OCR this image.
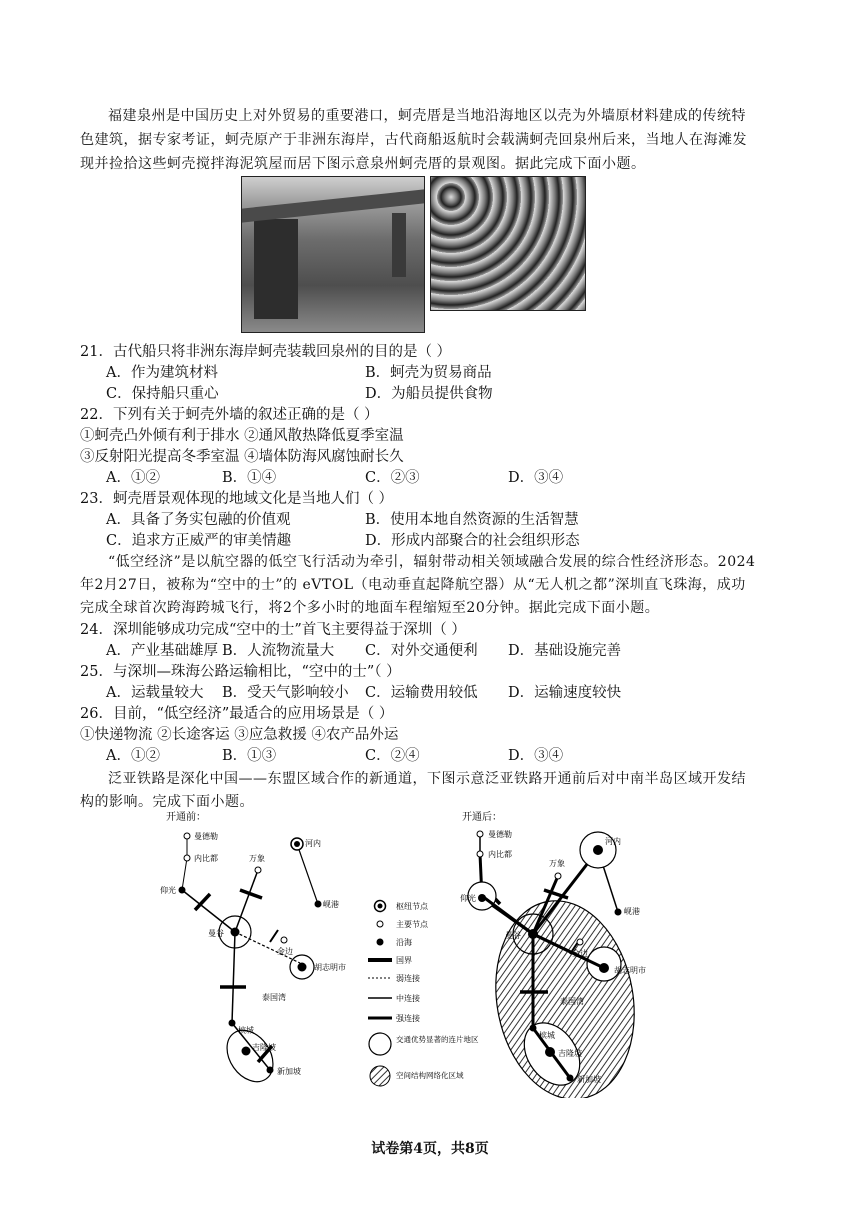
福建泉州是中国历史上对外贸易的重要港口，蚵壳厝是当地沿海地区以壳为外墙原材料建成的传统特色建筑，据专家考证，蚵壳原产于非洲东海岸，古代商船返航时会载满蚵壳回泉州后来，当地人在海滩发现并捡拾这些蚵壳搅拌海泥筑屋而居下图示意泉州蚵壳厝的景观图。据此完成下面小题。
21．古代船只将非洲东海岸蚵壳装载回泉州的目的是（ ）
A．作为建筑材料	B．蚵壳为贸易商品
C．保持船只重心	D．为船员提供食物
22．下列有关于蚵壳外墙的叙述正确的是（ ）
①蚵壳凸外倾有利于排水 ②通风散热降低夏季室温
③反射阳光提高冬季室温 ④墙体防海风腐蚀耐长久
A．①②	B．①④	C．②③	D．③④
23．蚵壳厝景观体现的地域文化是当地人们（ ）
A．具备了务实包融的价值观	B．使用本地自然资源的生活智慧
C．追求方正威严的审美情趣	D．形成内部聚合的社会组织形态
“低空经济”是以航空器的低空飞行活动为牵引，辐射带动相关领域融合发展的综合性经济形态。2024年2月27日，被称为“空中的士”的 eVTOL（电动垂直起降航空器）从“无人机之都”深圳直飞珠海，成功完成全球首次跨海跨城飞行，将2个多小时的地面车程缩短至20分钟。据此完成下面小题。
24．深圳能够成功完成“空中的士”首飞主要得益于深圳（ ）
A．产业基础雄厚 B．人流物流量大 C．对外交通便利 D．基础设施完善
25．与深圳—珠海公路运输相比，“空中的士”（ ）
A．运载量较大 B．受天气影响较小 C．运输费用较低 D．运输速度较快
26．目前，“低空经济”最适合的应用场景是（ ）
①快递物流 ②长途客运 ③应急救援 ④农产品外运
A．①②	B．①③	C．②④	D．③④
泛亚铁路是深化中国——东盟区域合作的新通道，下图示意泛亚铁路开通前后对中南半岛区域开发结构的影响。完成下面小题。
开通前：
曼德勒
内比都	万象
河内
仰光
岘港
曼谷
金边
胡志明市
泰国湾
槟城
吉隆坡
新加坡
枢纽节点
主要节点
沿海
国界
弱连接
中连接
强连接
交通优势显著的连片地区
空间结构网络化区域
开通后：
曼德勒
内比都
万象
河内
仰光
岘港
曼谷
金边
胡志明市
泰国湾
槟城
吉隆坡
新加坡
试卷第4页，共8页
